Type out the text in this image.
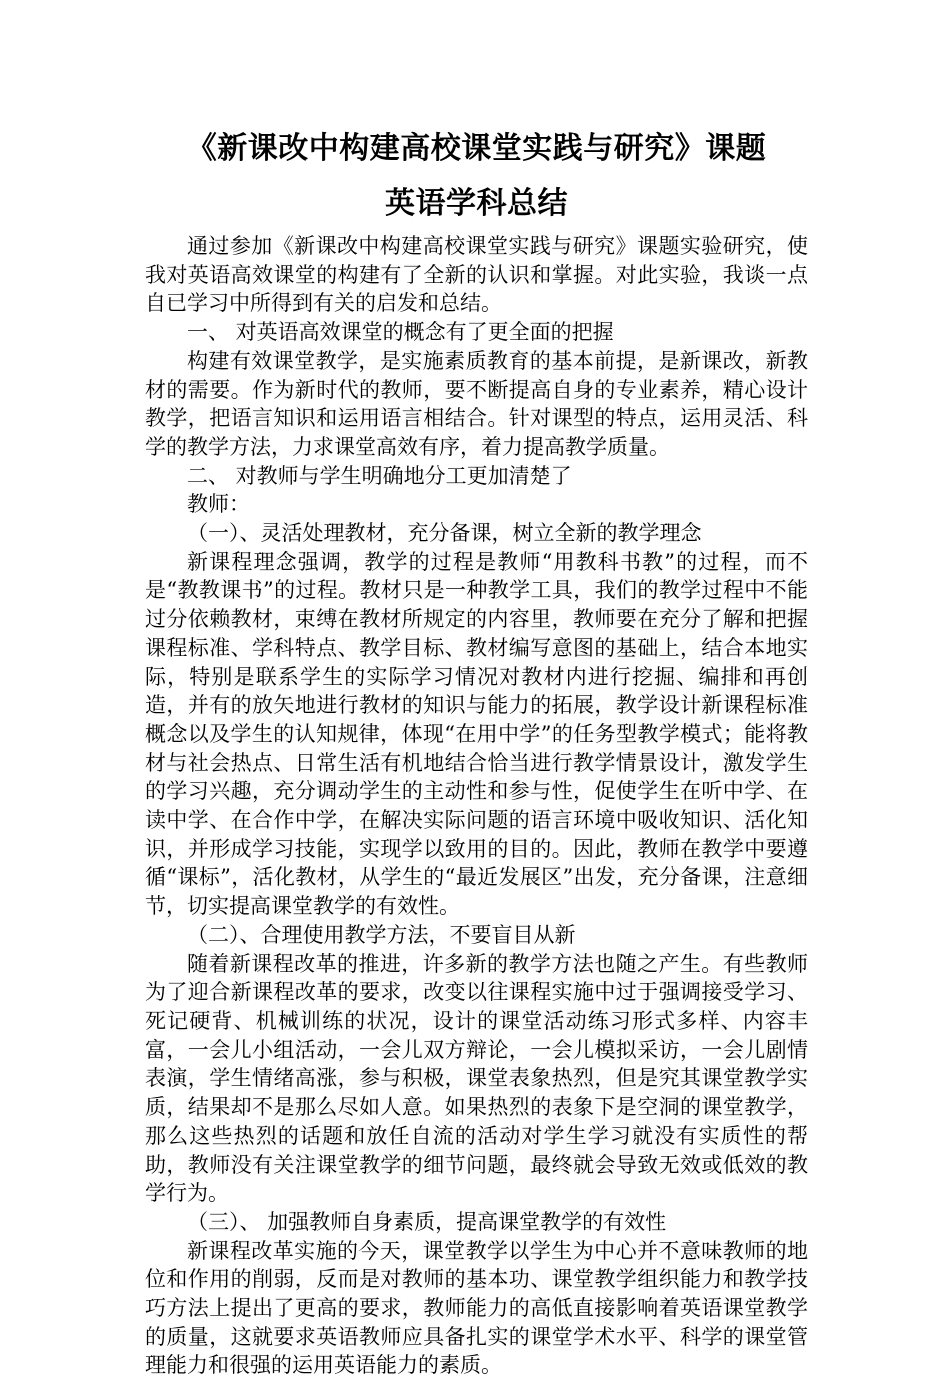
《新课改中构建高校课堂实践与研究》课题
英语学科总结

通过参加《新课改中构建高校课堂实践与研究》课题实验研究，使我对英语高效课堂的构建有了全新的认识和掌握。对此实验，我谈一点自已学习中所得到有关的启发和总结。

一、 对英语高效课堂的概念有了更全面的把握

构建有效课堂教学，是实施素质教育的基本前提，是新课改，新教材的需要。作为新时代的教师，要不断提高自身的专业素养，精心设计教学，把语言知识和运用语言相结合。针对课型的特点，运用灵活、科学的教学方法，力求课堂高效有序，着力提高教学质量。

二、 对教师与学生明确地分工更加清楚了

教师：

（一）、灵活处理教材，充分备课，树立全新的教学理念

新课程理念强调，教学的过程是教师“用教科书教”的过程，而不是“教教课书”的过程。教材只是一种教学工具，我们的教学过程中不能过分依赖教材，束缚在教材所规定的内容里，教师要在充分了解和把握课程标准、学科特点、教学目标、教材编写意图的基础上，结合本地实际，特别是联系学生的实际学习情况对教材内进行挖掘、编排和再创造，并有的放矢地进行教材的知识与能力的拓展，教学设计新课程标准概念以及学生的认知规律，体现“在用中学”的任务型教学模式；能将教材与社会热点、日常生活有机地结合恰当进行教学情景设计，激发学生的学习兴趣，充分调动学生的主动性和参与性，促使学生在听中学、在读中学、在合作中学，在解决实际问题的语言环境中吸收知识、活化知识，并形成学习技能，实现学以致用的目的。因此，教师在教学中要遵循“课标”，活化教材，从学生的“最近发展区”出发，充分备课，注意细节，切实提高课堂教学的有效性。

（二）、合理使用教学方法，不要盲目从新

随着新课程改革的推进，许多新的教学方法也随之产生。有些教师为了迎合新课程改革的要求，改变以往课程实施中过于强调接受学习、死记硬背、机械训练的状况，设计的课堂活动练习形式多样、内容丰富，一会儿小组活动，一会儿双方辩论，一会儿模拟采访，一会儿剧情表演，学生情绪高涨，参与积极，课堂表象热烈，但是究其课堂教学实质，结果却不是那么尽如人意。如果热烈的表象下是空洞的课堂教学，那么这些热烈的话题和放任自流的活动对学生学习就没有实质性的帮助，教师没有关注课堂教学的细节问题，最终就会导致无效或低效的教学行为。

（三）、 加强教师自身素质，提高课堂教学的有效性

新课程改革实施的今天，课堂教学以学生为中心并不意味教师的地位和作用的削弱，反而是对教师的基本功、课堂教学组织能力和教学技巧方法上提出了更高的要求，教师能力的高低直接影响着英语课堂教学的质量，这就要求英语教师应具备扎实的课堂学术水平、科学的课堂管理能力和很强的运用英语能力的素质。
